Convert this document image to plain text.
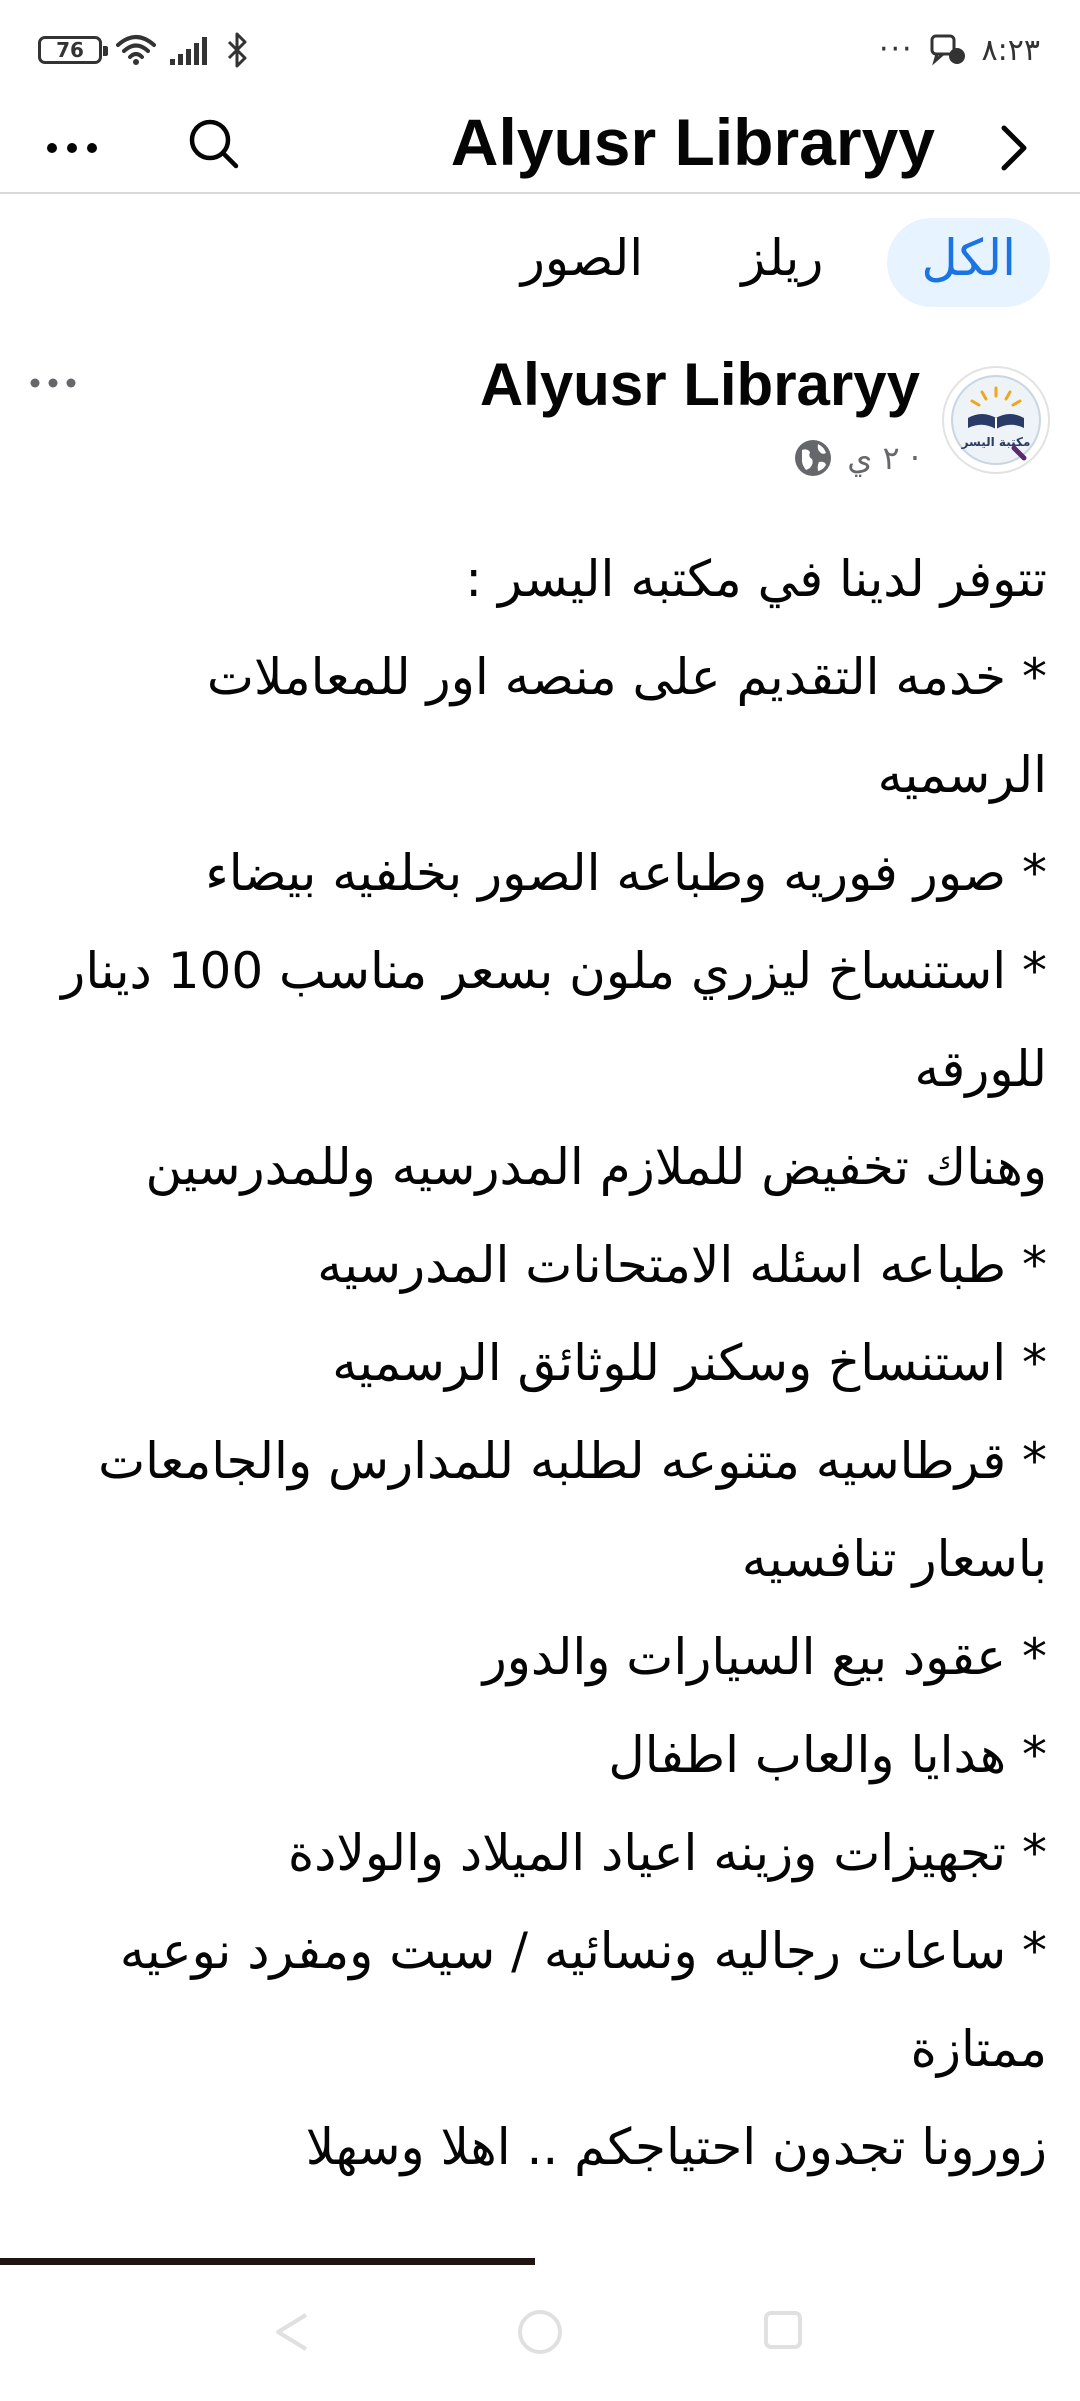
76	··· ٨:٢٣
Alyusr Libraryy
الكل
ريلز
الصور
مكتبة اليسر
Alyusr Libraryy
٢ ي ·

تتوفر لدينا في مكتبه اليسر :

* خدمه التقديم على منصه اور للمعاملات

الرسميه

* صور فوريه وطباعه الصور بخلفيه بيضاء

* استنساخ ليزري ملون بسعر مناسب 100 دينار

للورقه

وهناك تخفيض للملازم المدرسيه وللمدرسين

* طباعه اسئله الامتحانات المدرسيه

* استنساخ وسكنر للوثائق الرسميه

* قرطاسيه متنوعه لطلبه للمدارس والجامعات

باسعار تنافسيه

* عقود بيع السيارات والدور

* هدايا والعاب اطفال

* تجهيزات وزينه اعياد الميلاد والولادة

* ساعات رجاليه ونسائيه / سيت ومفرد نوعيه

ممتازة

زورونا تجدون احتياجكم .. اهلا وسهلا
